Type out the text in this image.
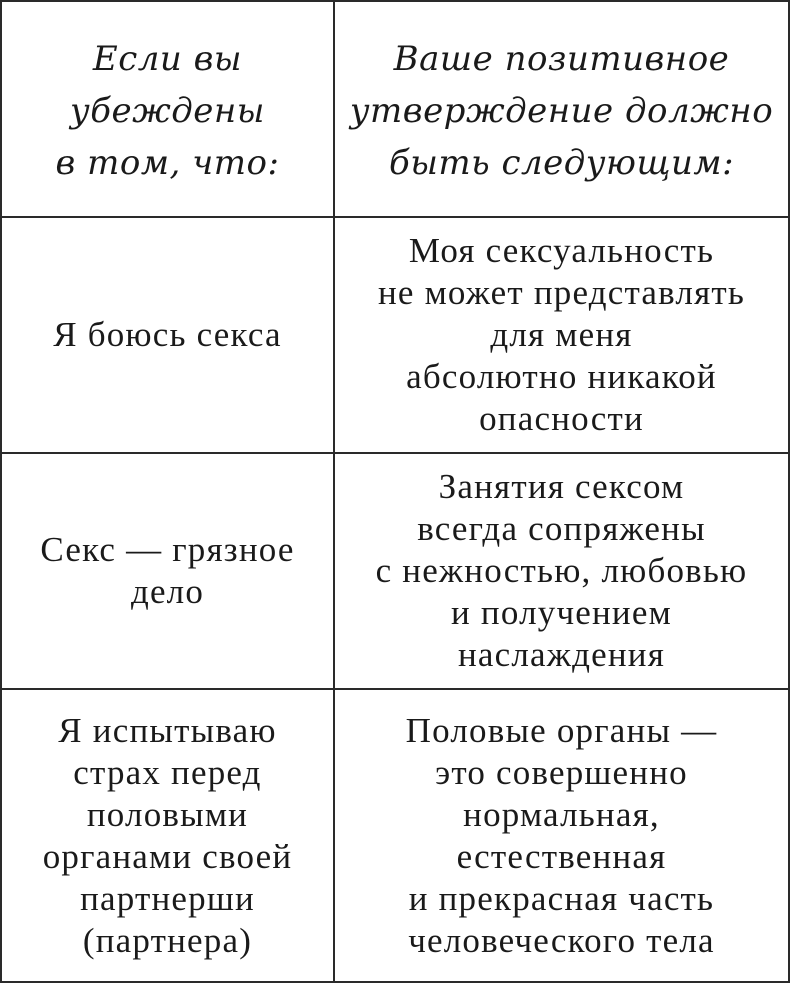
Если вы
убеждены
в том, что:
Ваше позитивное
утверждение должно
быть следующим:
Я боюсь секса
Моя сексуальность
не может представлять
для меня
абсолютно никакой
опасности
Секс — грязное
дело
Занятия сексом
всегда сопряжены
с нежностью, любовью
и получением
наслаждения
Я испытываю
страх перед
половыми
органами своей
партнерши
(партнера)
Половые органы —
это совершенно
нормальная,
естественная
и прекрасная часть
человеческого тела
